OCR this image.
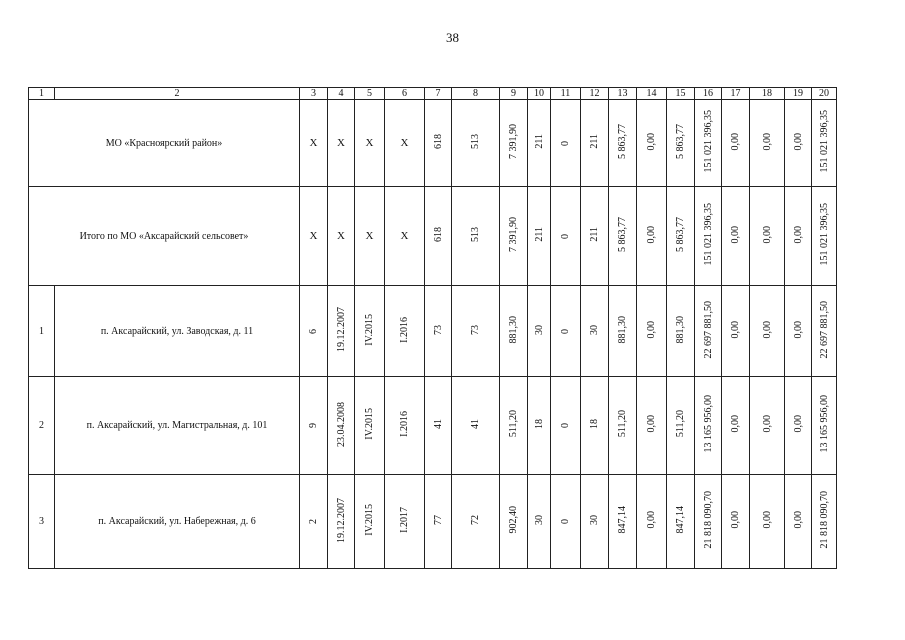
38
1	2	3	4	5	6	7	8	9	10	11	12	13	14	15	16	17	18	19	20
МО «Красноярский район»		Х	Х	Х	Х	618	513	7 391,90	211	0	211	5 863,77	0,00	5 863,77	151 021 396,35	0,00	0,00	0,00	151 021 396,35
Итого по МО «Аксарайский сельсовет»		Х	Х	Х	Х	618	513	7 391,90	211	0	211	5 863,77	0,00	5 863,77	151 021 396,35	0,00	0,00	0,00	151 021 396,35
1	п. Аксарайский, ул. Заводская, д. 11	6	19.12.2007	IV.2015	I.2016	73	73	881,30	30	0	30	881,30	0,00	881,30	22 697 881,50	0,00	0,00	0,00	22 697 881,50
2	п. Аксарайский, ул. Магистральная, д. 101	9	23.04.2008	IV.2015	I.2016	41	41	511,20	18	0	18	511,20	0,00	511,20	13 165 956,00	0,00	0,00	0,00	13 165 956,00
3	п. Аксарайский, ул. Набережная, д. 6	2	19.12.2007	IV.2015	I.2017	77	72	902,40	30	0	30	847,14	0,00	847,14	21 818 090,70	0,00	0,00	0,00	21 818 090,70
